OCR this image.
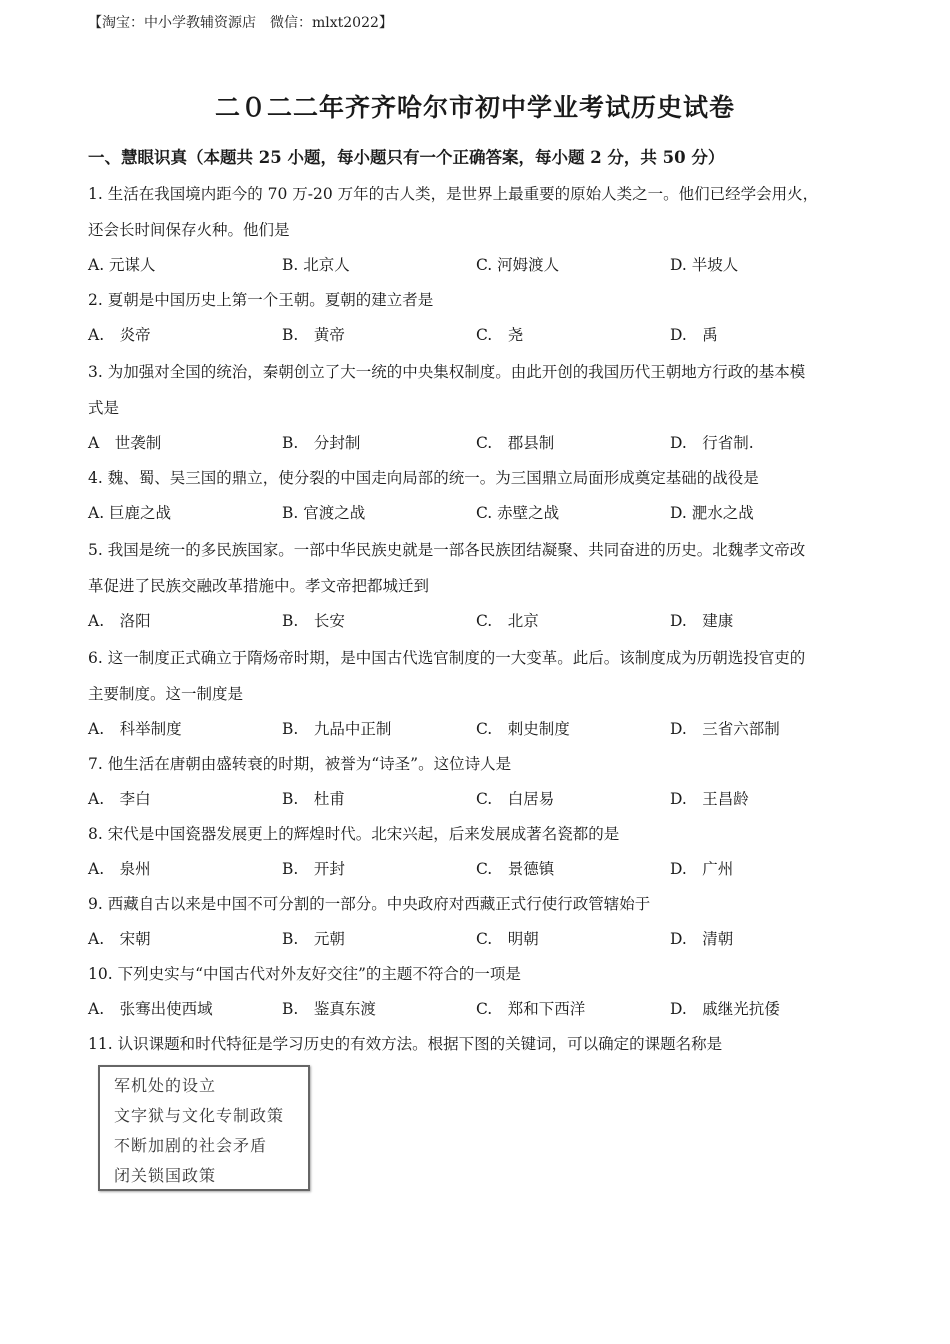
【淘宝：中小学教辅资源店　微信：mlxt2022】
二０二二年齐齐哈尔市初中学业考试历史试卷
一、慧眼识真（本题共 25 小题，每小题只有一个正确答案，每小题 2 分，共 50 分）
1. 生活在我国境内距今的 70 万-20 万年的古人类，是世界上最重要的原始人类之一。他们已经学会用火，
还会长时间保存火种。他们是
A. 元谋人	B. 北京人	C. 河姆渡人	D. 半坡人
2. 夏朝是中国历史上第一个王朝。夏朝的建立者是
A.　炎帝	B.　黄帝	C.　尧	D.　禹
3. 为加强对全国的统治，秦朝创立了大一统的中央集权制度。由此开创的我国历代王朝地方行政的基本模
式是
A　世袭制	B.　分封制	C.　郡县制	D.　行省制.
4. 魏、蜀、吴三国的鼎立，使分裂的中国走向局部的统一。为三国鼎立局面形成奠定基础的战役是
A. 巨鹿之战	B. 官渡之战	C. 赤壁之战	D. 淝水之战
5. 我国是统一的多民族国家。一部中华民族史就是一部各民族团结凝聚、共同奋进的历史。北魏孝文帝改
革促进了民族交融改革措施中。孝文帝把都城迁到
A.　洛阳	B.　长安	C.　北京	D.　建康
6. 这一制度正式确立于隋炀帝时期，是中国古代选官制度的一大变革。此后。该制度成为历朝选投官吏的
主要制度。这一制度是
A.　科举制度	B.　九品中正制	C.　刺史制度	D.　三省六部制
7. 他生活在唐朝由盛转衰的时期，被誉为“诗圣”。这位诗人是
A.　李白	B.　杜甫	C.　白居易	D.　王昌龄
8. 宋代是中国瓷器发展更上的辉煌时代。北宋兴起，后来发展成著名瓷都的是
A.　泉州	B.　开封	C.　景德镇	D.　广州
9. 西藏自古以来是中国不可分割的一部分。中央政府对西藏正式行使行政管辖始于
A.　宋朝	B.　元朝	C.　明朝	D.　清朝
10. 下列史实与“中国古代对外友好交往”的主题不符合的一项是
A.　张骞出使西域	B.　鉴真东渡	C.　郑和下西洋	D.　戚继光抗倭
11. 认识课题和时代特征是学习历史的有效方法。根据下图的关键词，可以确定的课题名称是
军机处的设立
文字狱与文化专制政策
不断加剧的社会矛盾
闭关锁国政策
